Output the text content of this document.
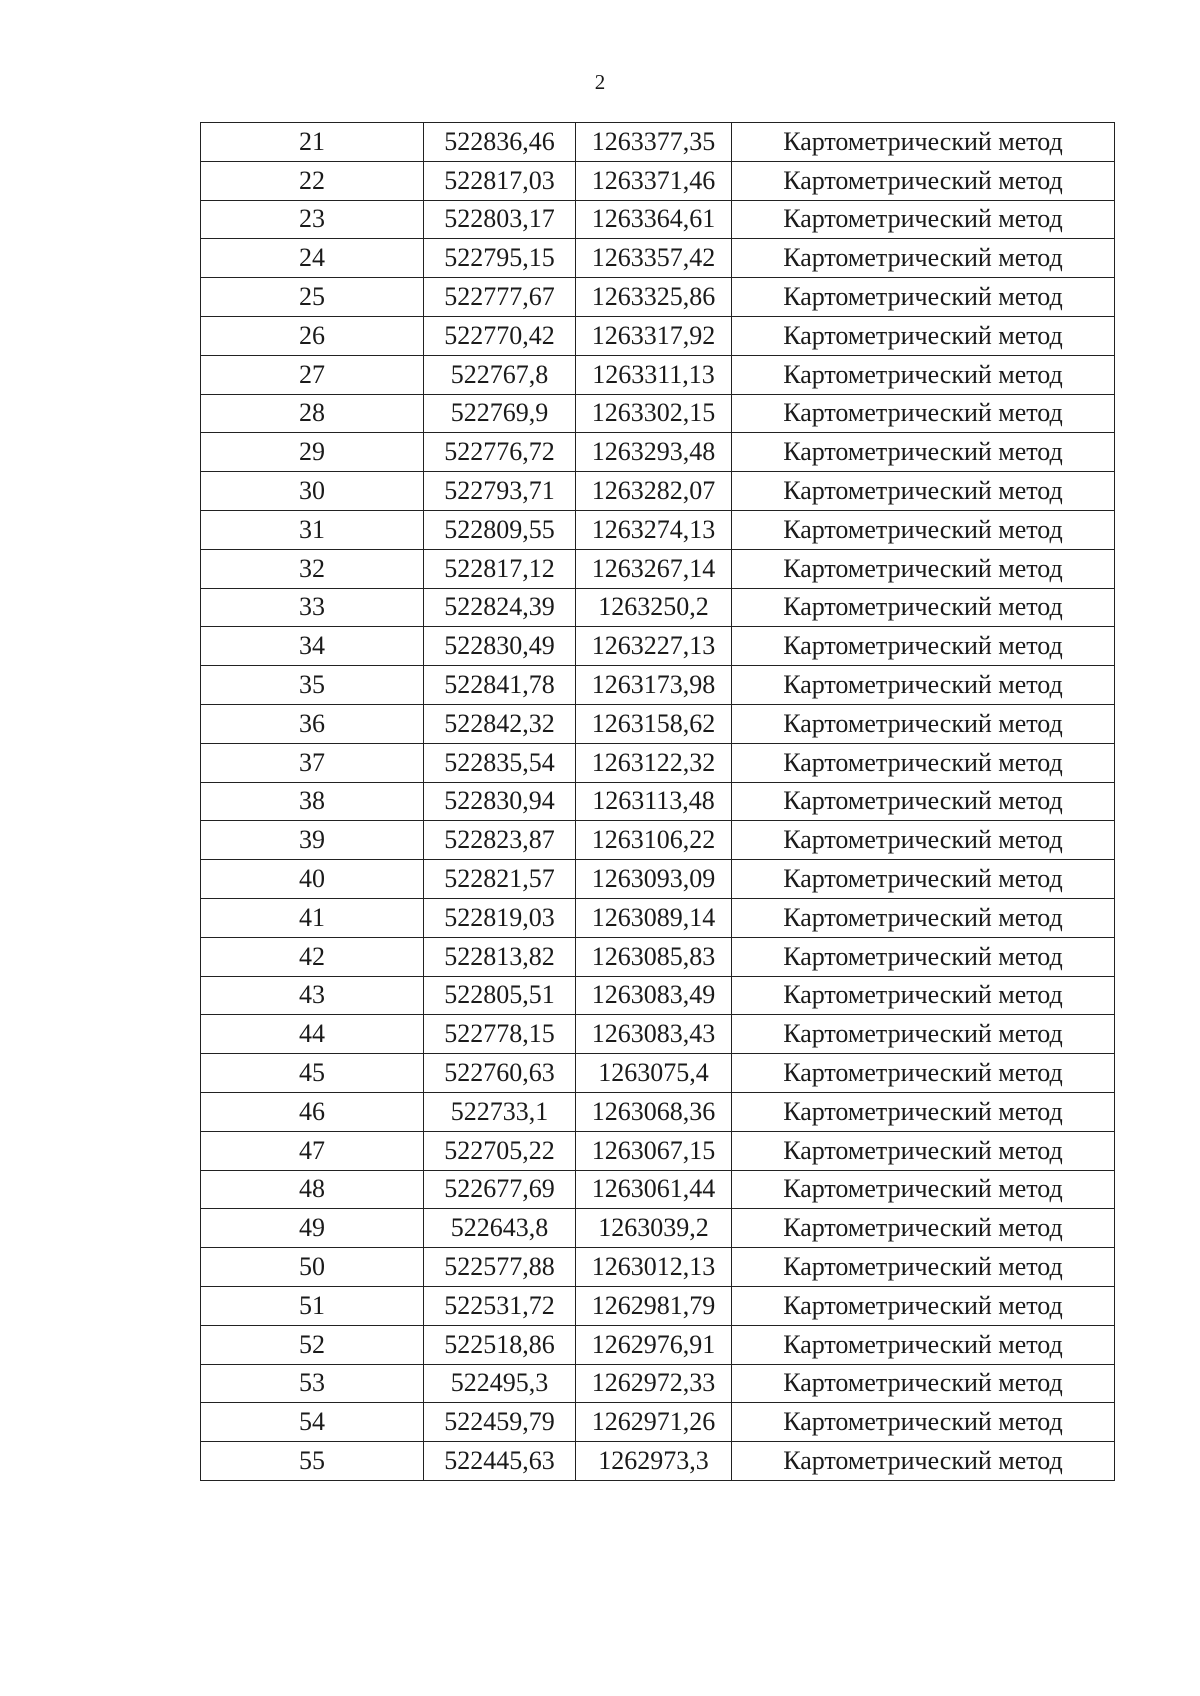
2
21	522836,46	1263377,35	Картометрический метод
22	522817,03	1263371,46	Картометрический метод
23	522803,17	1263364,61	Картометрический метод
24	522795,15	1263357,42	Картометрический метод
25	522777,67	1263325,86	Картометрический метод
26	522770,42	1263317,92	Картометрический метод
27	522767,8	1263311,13	Картометрический метод
28	522769,9	1263302,15	Картометрический метод
29	522776,72	1263293,48	Картометрический метод
30	522793,71	1263282,07	Картометрический метод
31	522809,55	1263274,13	Картометрический метод
32	522817,12	1263267,14	Картометрический метод
33	522824,39	1263250,2	Картометрический метод
34	522830,49	1263227,13	Картометрический метод
35	522841,78	1263173,98	Картометрический метод
36	522842,32	1263158,62	Картометрический метод
37	522835,54	1263122,32	Картометрический метод
38	522830,94	1263113,48	Картометрический метод
39	522823,87	1263106,22	Картометрический метод
40	522821,57	1263093,09	Картометрический метод
41	522819,03	1263089,14	Картометрический метод
42	522813,82	1263085,83	Картометрический метод
43	522805,51	1263083,49	Картометрический метод
44	522778,15	1263083,43	Картометрический метод
45	522760,63	1263075,4	Картометрический метод
46	522733,1	1263068,36	Картометрический метод
47	522705,22	1263067,15	Картометрический метод
48	522677,69	1263061,44	Картометрический метод
49	522643,8	1263039,2	Картометрический метод
50	522577,88	1263012,13	Картометрический метод
51	522531,72	1262981,79	Картометрический метод
52	522518,86	1262976,91	Картометрический метод
53	522495,3	1262972,33	Картометрический метод
54	522459,79	1262971,26	Картометрический метод
55	522445,63	1262973,3	Картометрический метод
